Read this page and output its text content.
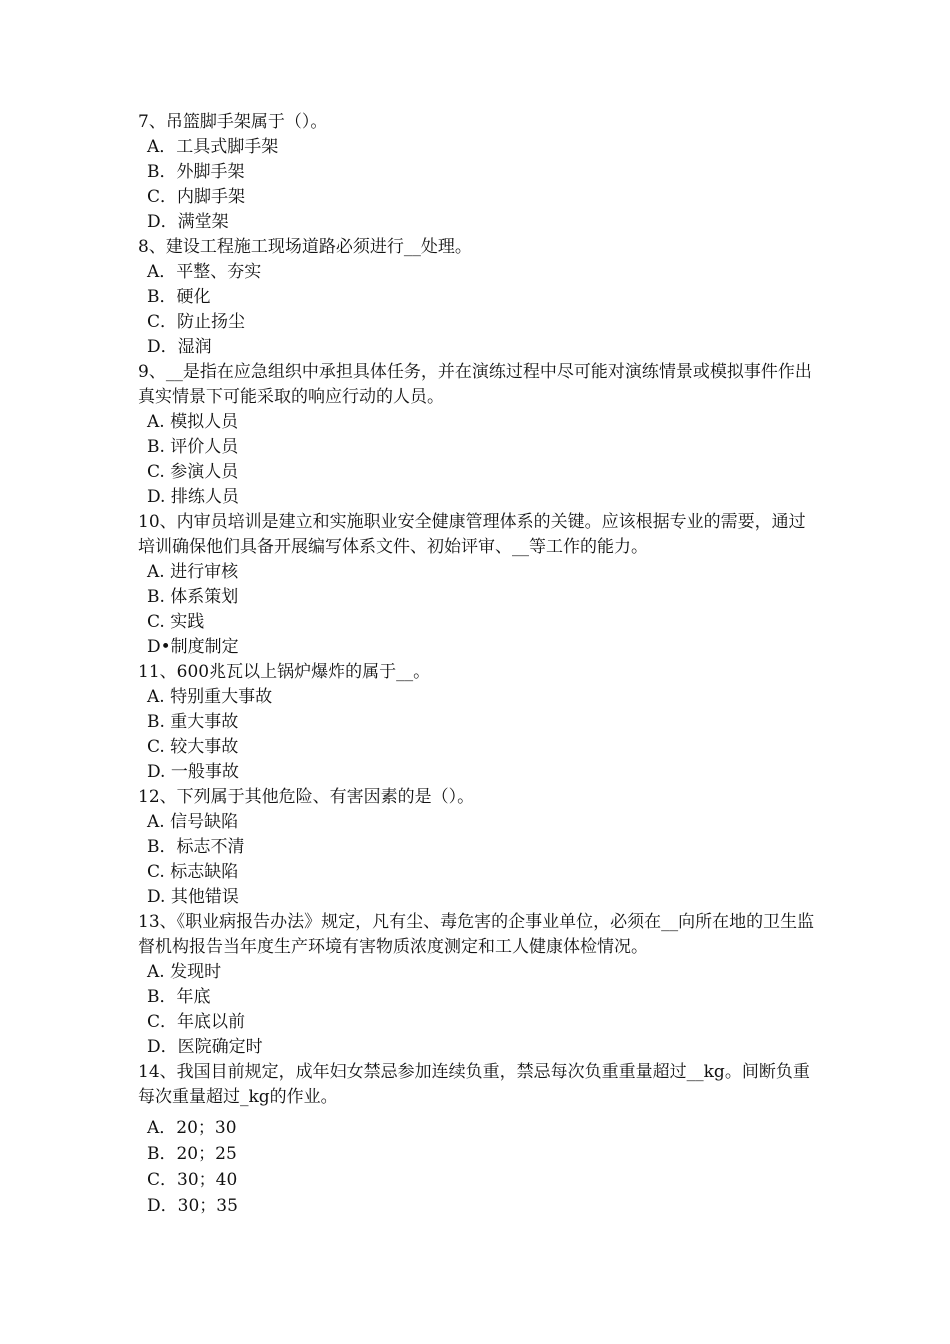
7、吊篮脚手架属于（）。

A．工具式脚手架

B．外脚手架

C．内脚手架

D．满堂架

8、建设工程施工现场道路必须进行__处理。

A．平整、夯实

B．硬化

C．防止扬尘

D．湿润

9、__是指在应急组织中承担具体任务，并在演练过程中尽可能对演练情景或模拟事件作出真实情景下可能采取的响应行动的人员。

A. 模拟人员

B. 评价人员

C. 参演人员

D. 排练人员

10、内审员培训是建立和实施职业安全健康管理体系的关键。应该根据专业的需要，通过培训确保他们具备开展编写体系文件、初始评审、__等工作的能力。

A. 进行审核

B. 体系策划

C. 实践

D•制度制定

11、600兆瓦以上锅炉爆炸的属于__。

A. 特别重大事故

B. 重大事故

C. 较大事故

D. 一般事故

12、下列属于其他危险、有害因素的是（）。

A. 信号缺陷

B．标志不清

C. 标志缺陷

D. 其他错误

13、《职业病报告办法》规定，凡有尘、毒危害的企事业单位，必须在__向所在地的卫生监督机构报告当年度生产环境有害物质浓度测定和工人健康体检情况。

A. 发现时

B．年底

C．年底以前

D．医院确定时

14、我国目前规定，成年妇女禁忌参加连续负重，禁忌每次负重重量超过__kg。间断负重每次重量超过_kg的作业。

A．20；30

B．20；25

C．30；40

D．30；35
